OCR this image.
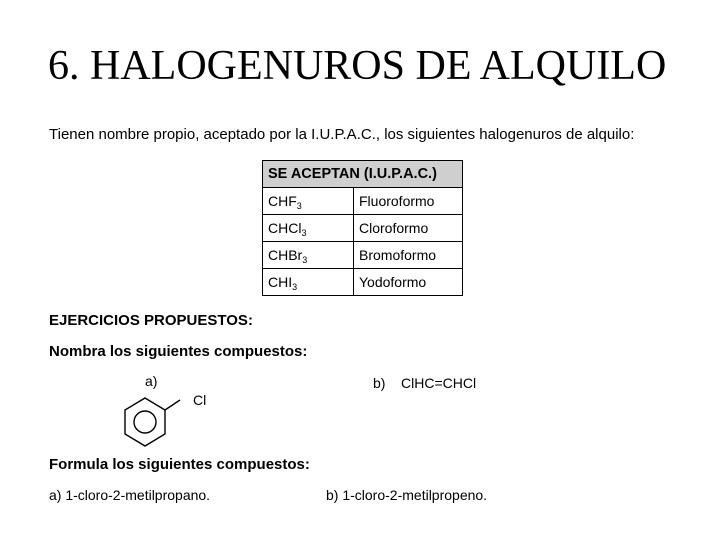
6. HALOGENUROS DE ALQUILO
Tienen nombre propio, aceptado por la I.U.P.A.C., los siguientes halogenuros de alquilo:
SE ACEPTAN (I.U.P.A.C.)	
$CHF_3$	Fluoroformo
CHCl$_3$	Cloroformo
CHBr$_3$	Bromoformo
$CHI_3$	Yodoformo
EJERCICIOS PROPUESTOS:
Nombra los siguientes compuestos:
a)
Cl
b) ClHC=CHCl
Formula los siguientes compuestos:
a) 1-cloro-2-metilpropano.	b) 1-cloro-2-metilpropeno.
